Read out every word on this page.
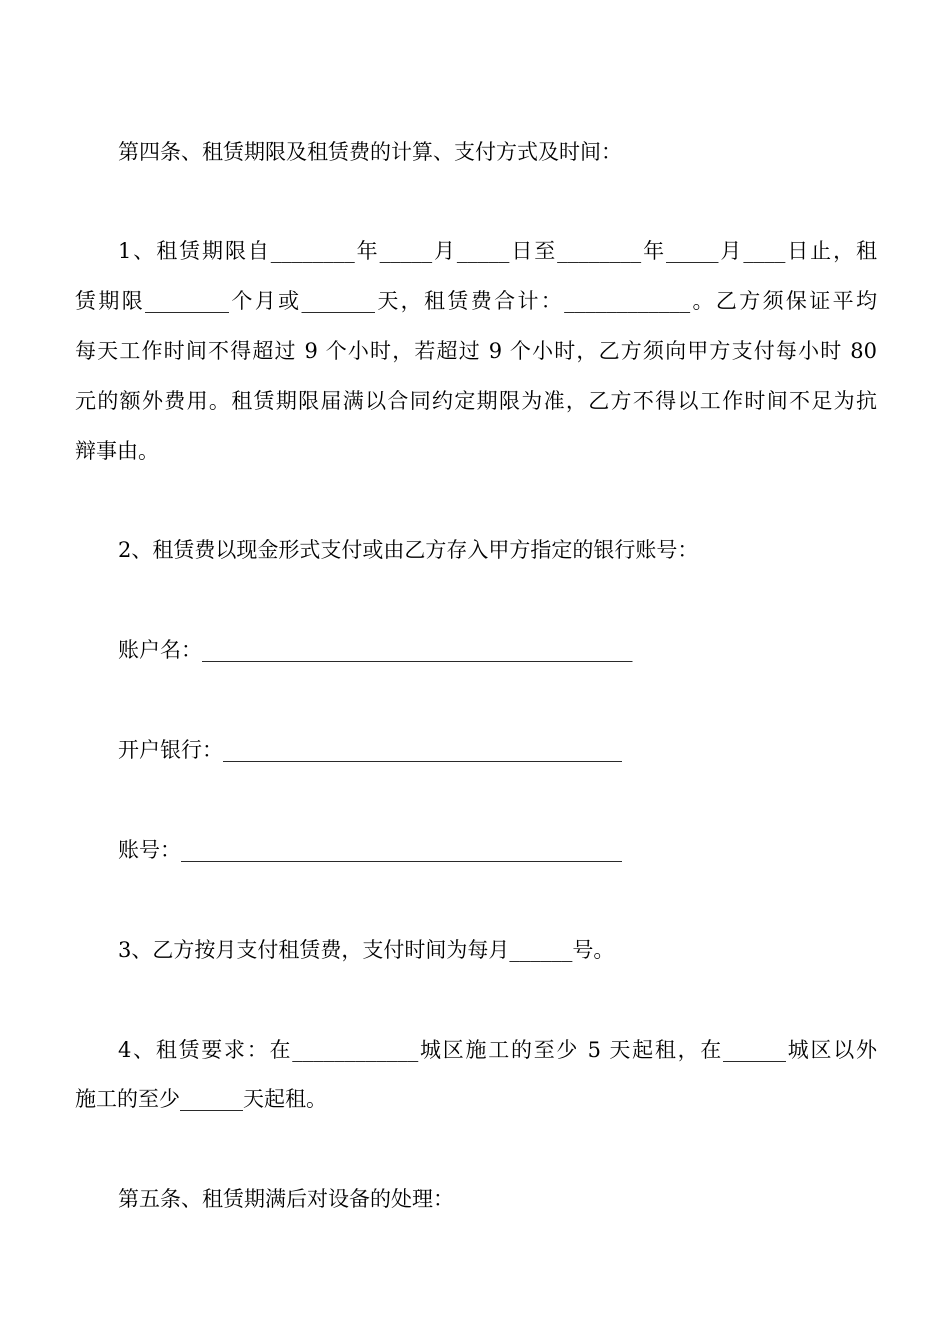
第四条、租赁期限及租赁费的计算、支付方式及时间：
1、租赁期限自________年_____月_____日至________年_____月____日止，租
赁期限________个月或_______天，租赁费合计：____________。乙方须保证平均
每天工作时间不得超过 9 个小时，若超过 9 个小时，乙方须向甲方支付每小时 80
元的额外费用。租赁期限届满以合同约定期限为准，乙方不得以工作时间不足为抗
辩事由。
2、租赁费以现金形式支付或由乙方存入甲方指定的银行账号：
账户名：_________________________________________
开户银行：______________________________________
账号：__________________________________________
3、乙方按月支付租赁费，支付时间为每月______号。
4、租赁要求：在____________城区施工的至少 5 天起租，在______城区以外
施工的至少______天起租。
第五条、租赁期满后对设备的处理：
